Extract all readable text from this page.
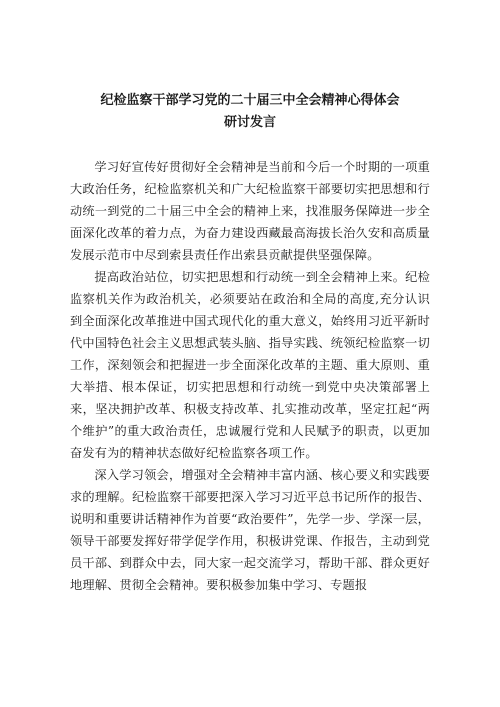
纪检监察干部学习党的二十届三中全会精神心得体会
研讨发言

学习好宣传好贯彻好全会精神是当前和今后一个时期的一项重大政治任务，纪检监察机关和广大纪检监察干部要切实把思想和行动统一到党的二十届三中全会的精神上来，找准服务保障进一步全面深化改革的着力点，为奋力建设西藏最高海拔长治久安和高质量发展示范市中尽到索县责任作出索县贡献提供坚强保障。

提高政治站位，切实把思想和行动统一到全会精神上来。纪检监察机关作为政治机关，必须要站在政治和全局的高度,充分认识到全面深化改革推进中国式现代化的重大意义，始终用习近平新时代中国特色社会主义思想武装头脑、指导实践、统领纪检监察一切工作，深刻领会和把握进一步全面深化改革的主题、重大原则、重大举措、根本保证，切实把思想和行动统一到党中央决策部署上来，坚决拥护改革、积极支持改革、扎实推动改革，坚定扛起“两个维护”的重大政治责任，忠诚履行党和人民赋予的职责，以更加奋发有为的精神状态做好纪检监察各项工作。

深入学习领会，增强对全会精神丰富内涵、核心要义和实践要求的理解。纪检监察干部要把深入学习习近平总书记所作的报告、说明和重要讲话精神作为首要“政治要件”，先学一步、学深一层，领导干部要发挥好带学促学作用，积极讲党课、作报告，主动到党员干部、到群众中去，同大家一起交流学习，帮助干部、群众更好地理解、贯彻全会精神。要积极参加集中学习、专题报
